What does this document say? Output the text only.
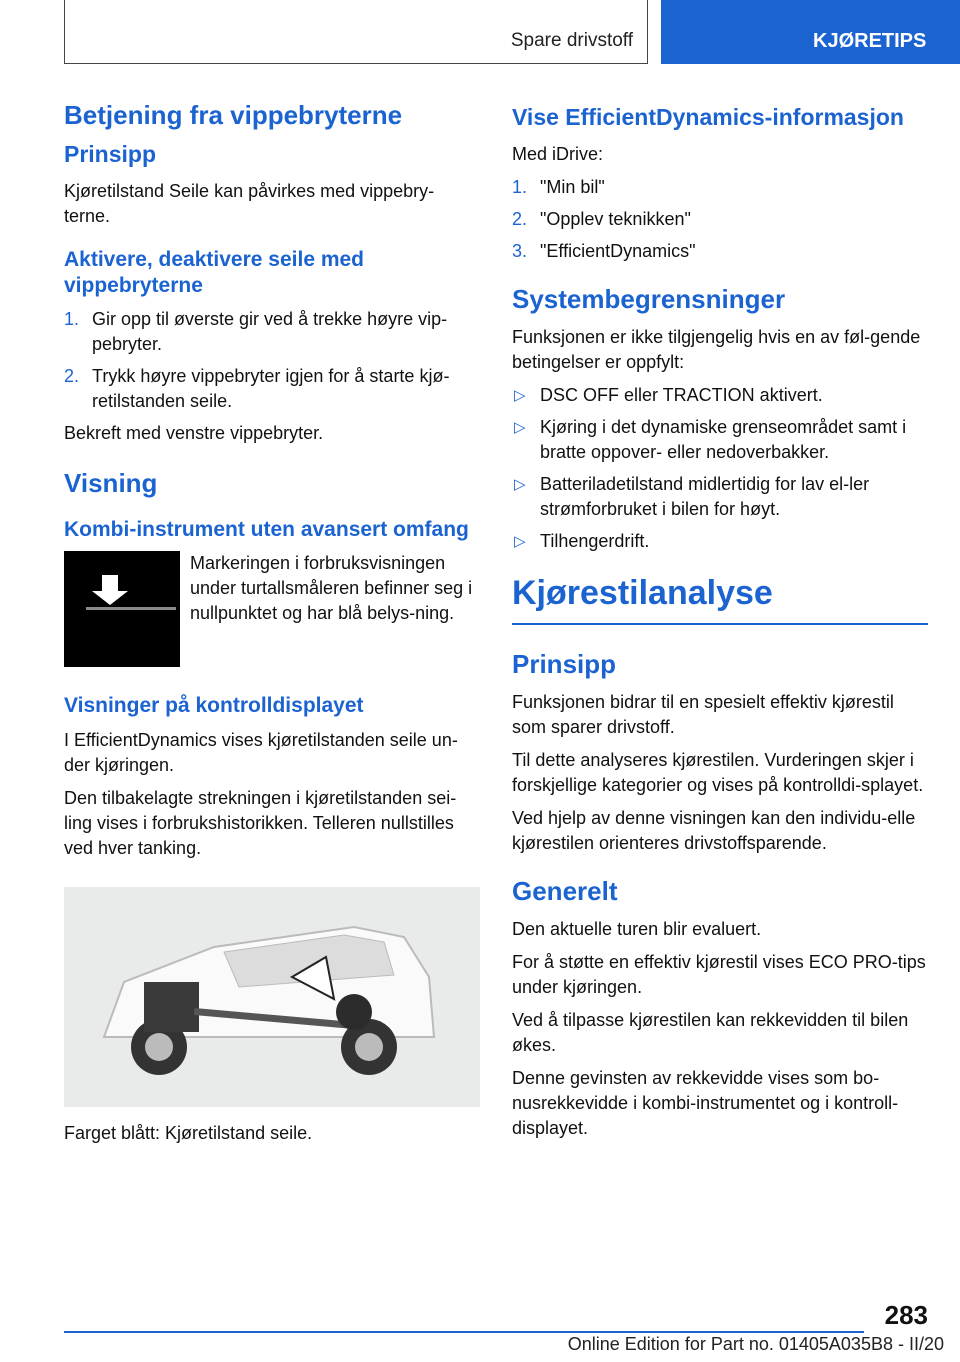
Spare drivstoff	KJØRETIPS
Betjening fra vippebryterne
Prinsipp

Kjøretilstand Seile kan påvirkes med vippebry-terne.

Aktivere, deaktivere seile med vippebryterne
1. Gir opp til øverste gir ved å trekke høyre vip-pebryter.
2. Trykk høyre vippebryter igjen for å starte kjø-retilstanden seile.

Bekreft med venstre vippebryter.

Visning
Kombi-instrument uten avansert omfang

Markeringen i forbruksvisningen under turtallsmåleren befinner seg i nullpunktet og har blå belys-ning.

Visninger på kontrolldisplayet

I EfficientDynamics vises kjøretilstanden seile un-der kjøringen.

Den tilbakelagte strekningen i kjøretilstanden sei-ling vises i forbrukshistorikken. Telleren nullstilles ved hver tanking.

Farget blått: Kjøretilstand seile.

Vise EfficientDynamics-informasjon

Med iDrive:

1. "Min bil"
2. "Opplev teknikken"
3. "EfficientDynamics"
Systembegrensninger

Funksjonen er ikke tilgjengelig hvis en av føl-gende betingelser er oppfylt:

▷ DSC OFF eller TRACTION aktivert.
▷ Kjøring i det dynamiske grenseområdet samt i bratte oppover- eller nedoverbakker.
▷ Batteriladetilstand midlertidig for lav el-ler strømforbruket i bilen for høyt.
▷ Tilhengerdrift.
Kjørestilanalyse
Prinsipp

Funksjonen bidrar til en spesielt effektiv kjørestil som sparer drivstoff.

Til dette analyseres kjørestilen. Vurderingen skjer i forskjellige kategorier og vises på kontrolldi-splayet.

Ved hjelp av denne visningen kan den individu-elle kjørestilen orienteres drivstoffsparende.

Generelt

Den aktuelle turen blir evaluert.

For å støtte en effektiv kjørestil vises ECO PRO-tips under kjøringen.

Ved å tilpasse kjørestilen kan rekkevidden til bilen økes.

Denne gevinsten av rekkevidde vises som bo-nusrekkevidde i kombi-instrumentet og i kontroll-displayet.

283
Online Edition for Part no. 01405A035B8 - II/20
